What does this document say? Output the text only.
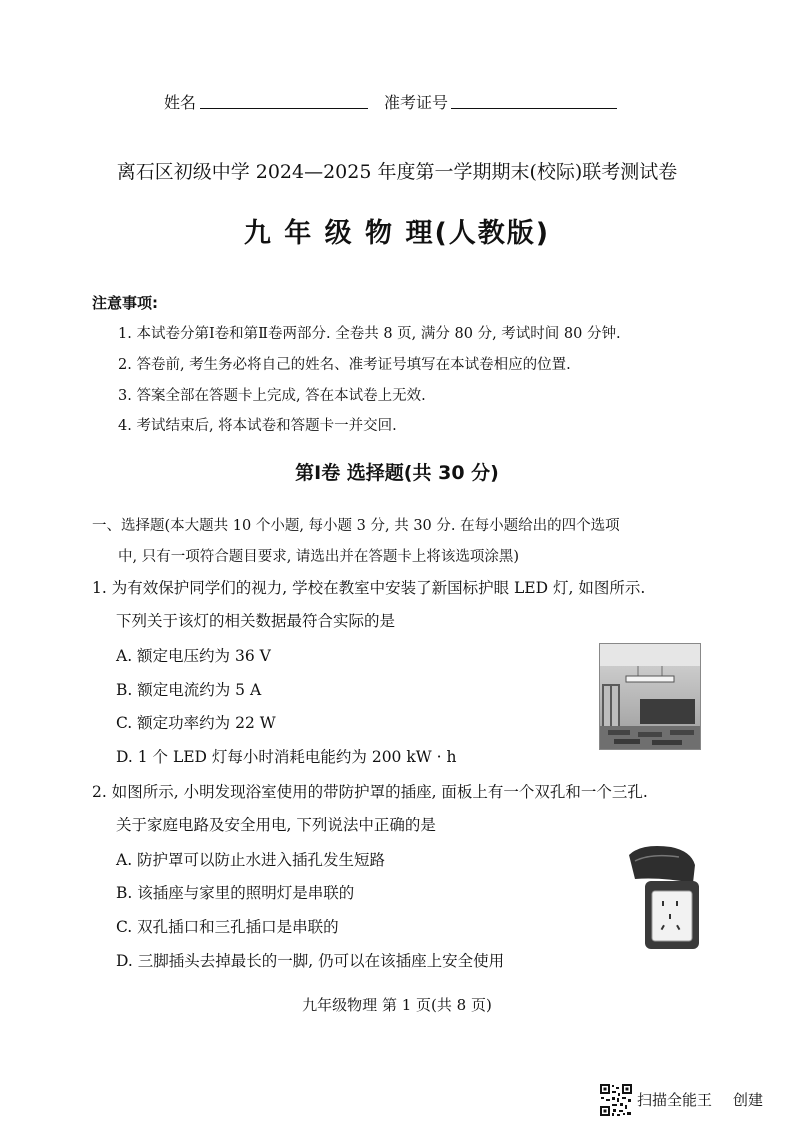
姓名	准考证号
离石区初级中学 2024—2025 年度第一学期期末(校际)联考测试卷
九 年 级 物 理(人教版)
注意事项:
1. 本试卷分第Ⅰ卷和第Ⅱ卷两部分. 全卷共 8 页, 满分 80 分, 考试时间 80 分钟.
2. 答卷前, 考生务必将自己的姓名、准考证号填写在本试卷相应的位置.
3. 答案全部在答题卡上完成, 答在本试卷上无效.
4. 考试结束后, 将本试卷和答题卡一并交回.
第Ⅰ卷 选择题(共 30 分)
一、选择题(本大题共 10 个小题, 每小题 3 分, 共 30 分. 在每小题给出的四个选项
中, 只有一项符合题目要求, 请选出并在答题卡上将该选项涂黑)
1. 为有效保护同学们的视力, 学校在教室中安装了新国标护眼 LED 灯, 如图所示.
下列关于该灯的相关数据最符合实际的是
A. 额定电压约为 36 V
B. 额定电流约为 5 A
C. 额定功率约为 22 W
D. 1 个 LED 灯每小时消耗电能约为 200 kW · h
2. 如图所示, 小明发现浴室使用的带防护罩的插座, 面板上有一个双孔和一个三孔.
关于家庭电路及安全用电, 下列说法中正确的是
A. 防护罩可以防止水进入插孔发生短路
B. 该插座与家里的照明灯是串联的
C. 双孔插口和三孔插口是串联的
D. 三脚插头去掉最长的一脚, 仍可以在该插座上安全使用
九年级物理 第 1 页(共 8 页)
扫描全能王 创建
